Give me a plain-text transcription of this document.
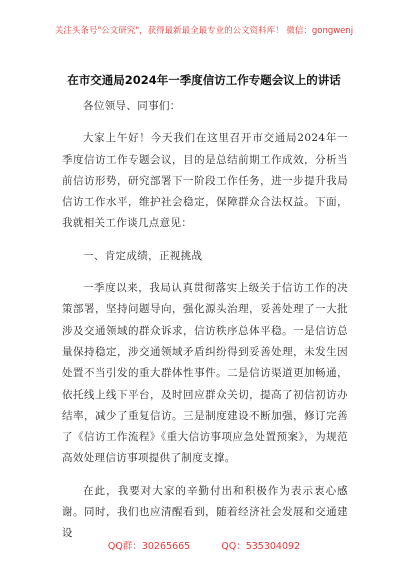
关注头条号"公文研究"，获得最新最全最专业的公文资料库！ 微信：gongwenj
在市交通局2024年一季度信访工作专题会议上的讲话

各位领导、同事们：

大家上午好！今天我们在这里召开市交通局2024年一季度信访工作专题会议，目的是总结前期工作成效，分析当前信访形势，研究部署下一阶段工作任务，进一步提升我局信访工作水平，维护社会稳定，保障群众合法权益。下面，我就相关工作谈几点意见：

一、肯定成绩，正视挑战

一季度以来，我局认真贯彻落实上级关于信访工作的决策部署，坚持问题导向，强化源头治理，妥善处理了一大批涉及交通领域的群众诉求，信访秩序总体平稳。一是信访总量保持稳定，涉交通领域矛盾纠纷得到妥善处理，未发生因处置不当引发的重大群体性事件。二是信访渠道更加畅通，依托线上线下平台，及时回应群众关切，提高了初信初访办结率，减少了重复信访。三是制度建设不断加强，修订完善了《信访工作流程》《重大信访事项应急处置预案》，为规范高效处理信访事项提供了制度支撑。

在此，我要对大家的辛勤付出和积极作为表示衷心感谢。同时，我们也应清醒看到，随着经济社会发展和交通建设

QQ群：30265665	QQ：535304092
